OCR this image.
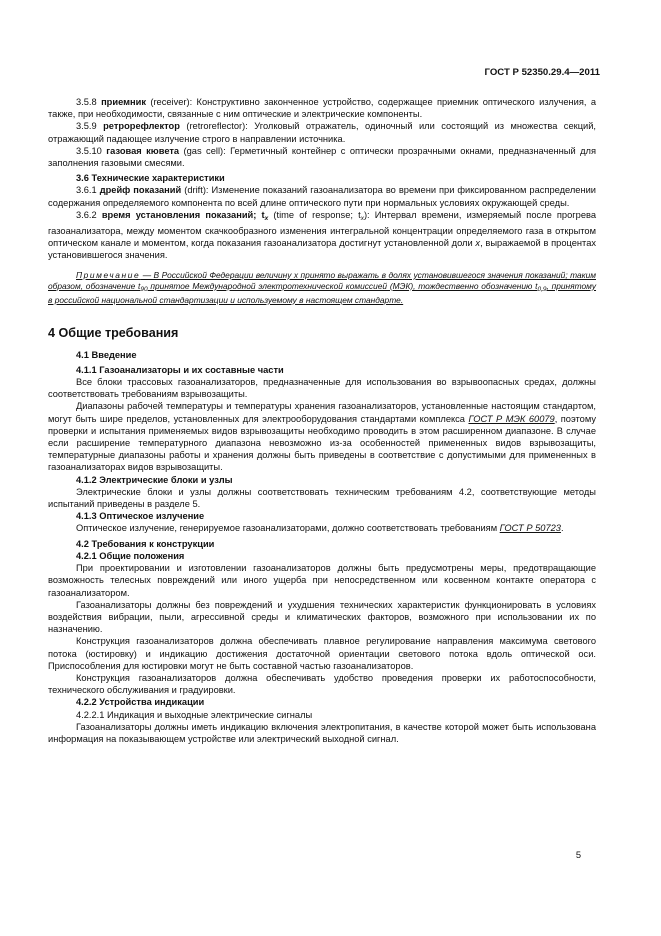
ГОСТ Р 52350.29.4—2011

3.5.8 приемник (receiver): Конструктивно законченное устройство, содержащее приемник оптического излучения, а также, при необходимости, связанные с ним оптические и электрические компоненты.

3.5.9 ретрорефлектор (retroreflector): Уголковый отражатель, одиночный или состоящий из множества секций, отражающий падающее излучение строго в направлении источника.

3.5.10 газовая кювета (gas cell): Герметичный контейнер с оптически прозрачными окнами, предназначенный для заполнения газовыми смесями.

3.6 Технические характеристики

3.6.1 дрейф показаний (drift): Изменение показаний газоанализатора во времени при фиксированном распределении содержания определяемого компонента по всей длине оптического пути при нормальных условиях окружающей среды.

3.6.2 время установления показаний; $t_x$ (time of response; $t_x$): Интервал времени, измеряемый после прогрева газоанализатора, между моментом скачкообразного изменения интегральной концентрации определяемого газа в открытом оптическом канале и моментом, когда показания газоанализатора достигнут установленной доли x, выражаемой в процентах установившегося значения.

Примечание — В Российской Федерации величину x принято выражать в долях установившегося значения показаний; таким образом, обозначение $t_{90}$ принятое Международной электротехнической комиссией (МЭК), тождественно обозначению $t_{0,9}$, принятому в российской национальной стандартизации и используемому в настоящем стандарте.

4 Общие требования

4.1 Введение

4.1.1 Газоанализаторы и их составные части

Все блоки трассовых газоанализаторов, предназначенные для использования во взрывоопасных средах, должны соответствовать требованиям взрывозащиты.

Диапазоны рабочей температуры и температуры хранения газоанализаторов, установленные настоящим стандартом, могут быть шире пределов, установленных для электрооборудования стандартами комплекса ГОСТ Р МЭК 60079, поэтому проверки и испытания применяемых видов взрывозащиты необходимо проводить в этом расширенном диапазоне. В случае если расширение температурного диапазона невозможно из-за особенностей примененных видов взрывозащиты, температурные диапазоны работы и хранения должны быть приведены в соответствие с допустимыми для примененных в газоанализаторах видов взрывозащиты.

4.1.2 Электрические блоки и узлы

Электрические блоки и узлы должны соответствовать техническим требованиям 4.2, соответствующие методы испытаний приведены в разделе 5.

4.1.3 Оптическое излучение

Оптическое излучение, генерируемое газоанализаторами, должно соответствовать требованиям ГОСТ Р 50723.

4.2 Требования к конструкции

4.2.1 Общие положения

При проектировании и изготовлении газоанализаторов должны быть предусмотрены меры, предотвращающие возможность телесных повреждений или иного ущерба при непосредственном или косвенном контакте оператора с газоанализатором.

Газоанализаторы должны без повреждений и ухудшения технических характеристик функционировать в условиях воздействия вибрации, пыли, агрессивной среды и климатических факторов, возможного при использовании их по назначению.

Конструкция газоанализаторов должна обеспечивать плавное регулирование направления максимума светового потока (юстировку) и индикацию достижения достаточной ориентации светового потока вдоль оптической оси. Приспособления для юстировки могут не быть составной частью газоанализаторов.

Конструкция газоанализаторов должна обеспечивать удобство проведения проверки их работоспособности, технического обслуживания и градуировки.

4.2.2 Устройства индикации

4.2.2.1 Индикация и выходные электрические сигналы

Газоанализаторы должны иметь индикацию включения электропитания, в качестве которой может быть использована информация на показывающем устройстве или электрический выходной сигнал.

5
